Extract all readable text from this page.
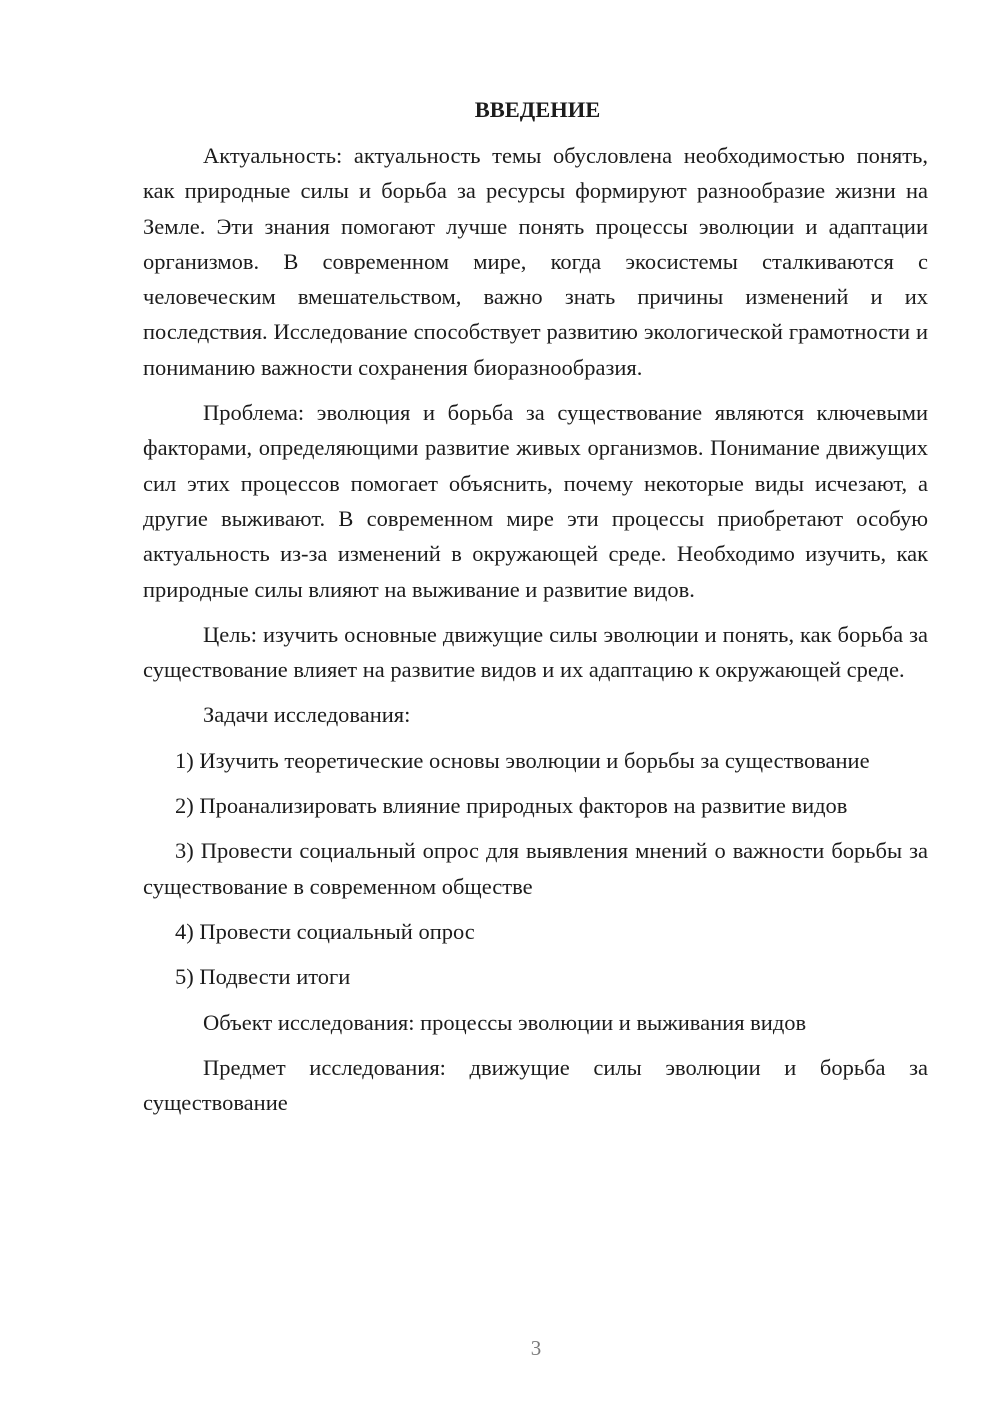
ВВЕДЕНИЕ

Актуальность: актуальность темы обусловлена необходимостью понять, как природные силы и борьба за ресурсы формируют разнообразие жизни на Земле. Эти знания помогают лучше понять процессы эволюции и адаптации организмов. В современном мире, когда экосистемы сталкиваются с человеческим вмешательством, важно знать причины изменений и их последствия. Исследование способствует развитию экологической грамотности и пониманию важности сохранения биоразнообразия.

Проблема: эволюция и борьба за существование являются ключевыми факторами, определяющими развитие живых организмов. Понимание движущих сил этих процессов помогает объяснить, почему некоторые виды исчезают, а другие выживают. В современном мире эти процессы приобретают особую актуальность из-за изменений в окружающей среде. Необходимо изучить, как природные силы влияют на выживание и развитие видов.

Цель: изучить основные движущие силы эволюции и понять, как борьба за существование влияет на развитие видов и их адаптацию к окружающей среде.

Задачи исследования:

1) Изучить теоретические основы эволюции и борьбы за существование

2) Проанализировать влияние природных факторов на развитие видов

3) Провести социальный опрос для выявления мнений о важности борьбы за существование в современном обществе

4) Провести социальный опрос

5) Подвести итоги

Объект исследования: процессы эволюции и выживания видов

Предмет исследования: движущие силы эволюции и борьба за существование

3
